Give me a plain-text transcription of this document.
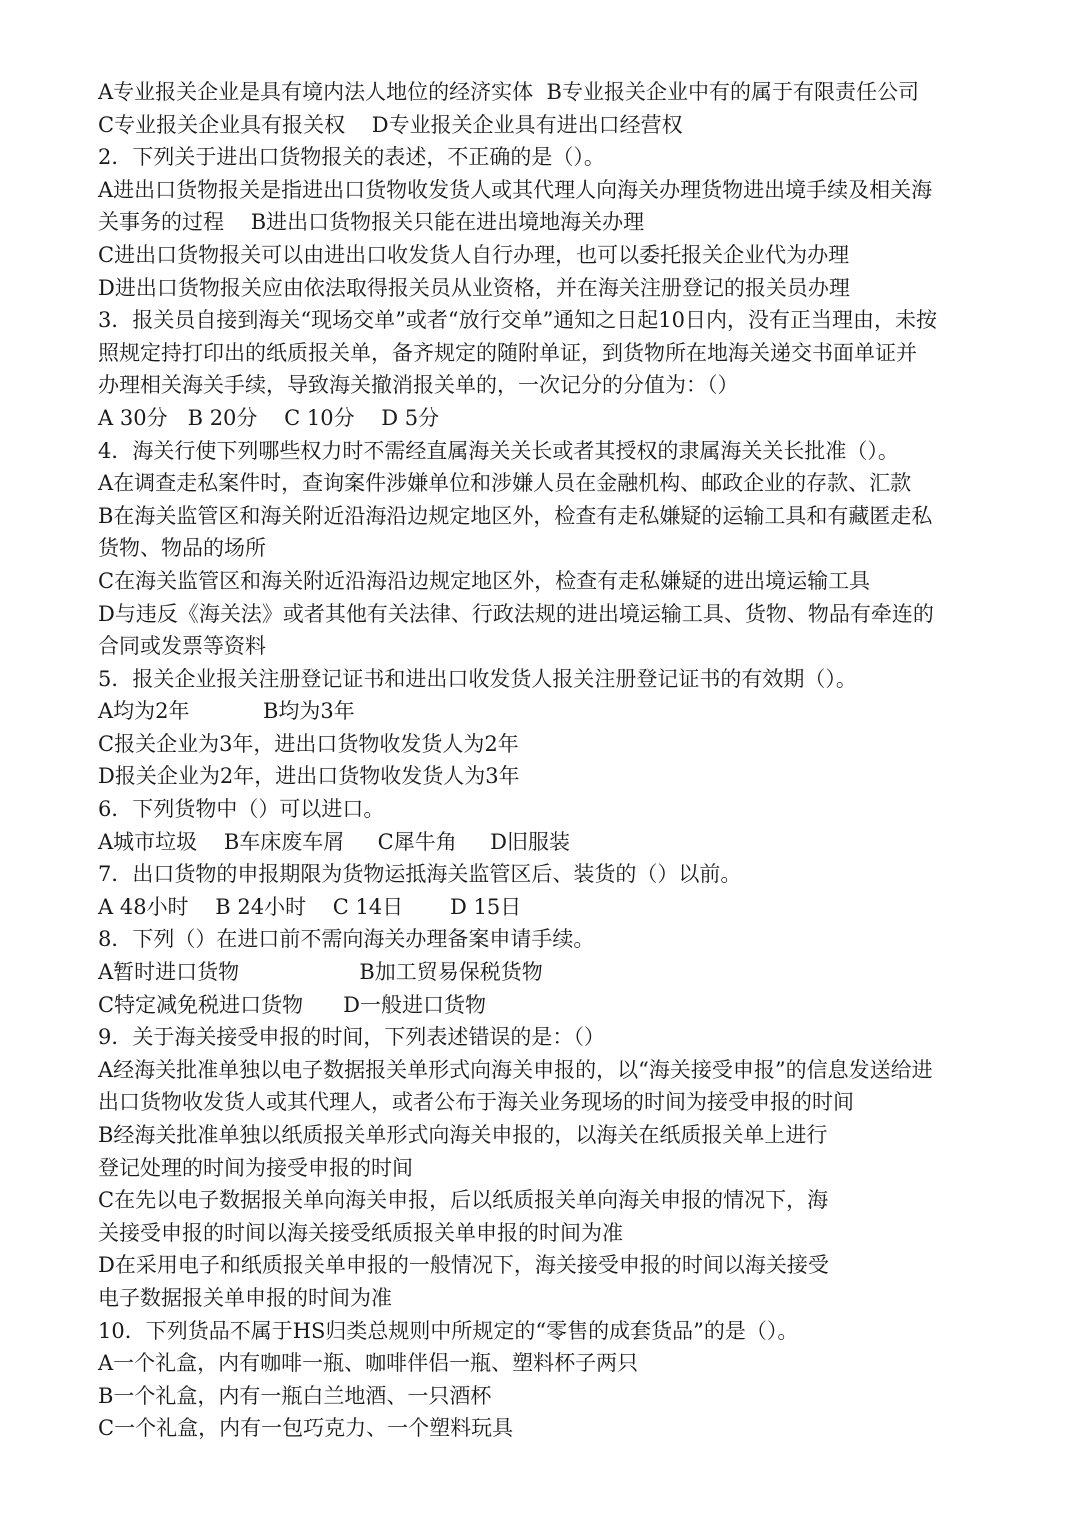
A专业报关企业是具有境内法人地位的经济实体  B专业报关企业中有的属于有限责任公司
C专业报关企业具有报关权    D专业报关企业具有进出口经营权
2．下列关于进出口货物报关的表述，不正确的是（）。
A进出口货物报关是指进出口货物收发货人或其代理人向海关办理货物进出境手续及相关海
关事务的过程    B进出口货物报关只能在进出境地海关办理
C进出口货物报关可以由进出口收发货人自行办理，也可以委托报关企业代为办理
D进出口货物报关应由依法取得报关员从业资格，并在海关注册登记的报关员办理
3．报关员自接到海关“现场交单”或者“放行交单”通知之日起10日内，没有正当理由，未按
照规定持打印出的纸质报关单，备齐规定的随附单证，到货物所在地海关递交书面单证并
办理相关海关手续，导致海关撤消报关单的，一次记分的分值为：（）
A 30分   B 20分    C 10分    D 5分
4．海关行使下列哪些权力时不需经直属海关关长或者其授权的隶属海关关长批准（）。
A在调查走私案件时，查询案件涉嫌单位和涉嫌人员在金融机构、邮政企业的存款、汇款
B在海关监管区和海关附近沿海沿边规定地区外，检查有走私嫌疑的运输工具和有藏匿走私
货物、物品的场所
C在海关监管区和海关附近沿海沿边规定地区外，检查有走私嫌疑的进出境运输工具
D与违反《海关法》或者其他有关法律、行政法规的进出境运输工具、货物、物品有牵连的
合同或发票等资料
5．报关企业报关注册登记证书和进出口收发货人报关注册登记证书的有效期（）。
A均为2年           B均为3年
C报关企业为3年，进出口货物收发货人为2年
D报关企业为2年，进出口货物收发货人为3年
6．下列货物中（）可以进口。
A城市垃圾    B车床废车屑     C犀牛角     D旧服装
7．出口货物的申报期限为货物运抵海关监管区后、装货的（）以前。
A 48小时    B 24小时    C 14日       D 15日
8．下列（）在进口前不需向海关办理备案申请手续。
A暂时进口货物                  B加工贸易保税货物
C特定减免税进口货物      D一般进口货物
9．关于海关接受申报的时间，下列表述错误的是：（）
A经海关批准单独以电子数据报关单形式向海关申报的，以“海关接受申报”的信息发送给进
出口货物收发货人或其代理人，或者公布于海关业务现场的时间为接受申报的时间
B经海关批准单独以纸质报关单形式向海关申报的，以海关在纸质报关单上进行
登记处理的时间为接受申报的时间
C在先以电子数据报关单向海关申报，后以纸质报关单向海关申报的情况下，海
关接受申报的时间以海关接受纸质报关单申报的时间为准
D在采用电子和纸质报关单申报的一般情况下，海关接受申报的时间以海关接受
电子数据报关单申报的时间为准
10．下列货品不属于HS归类总规则中所规定的“零售的成套货品”的是（）。
A一个礼盒，内有咖啡一瓶、咖啡伴侣一瓶、塑料杯子两只
B一个礼盒，内有一瓶白兰地酒、一只酒杯
C一个礼盒，内有一包巧克力、一个塑料玩具
